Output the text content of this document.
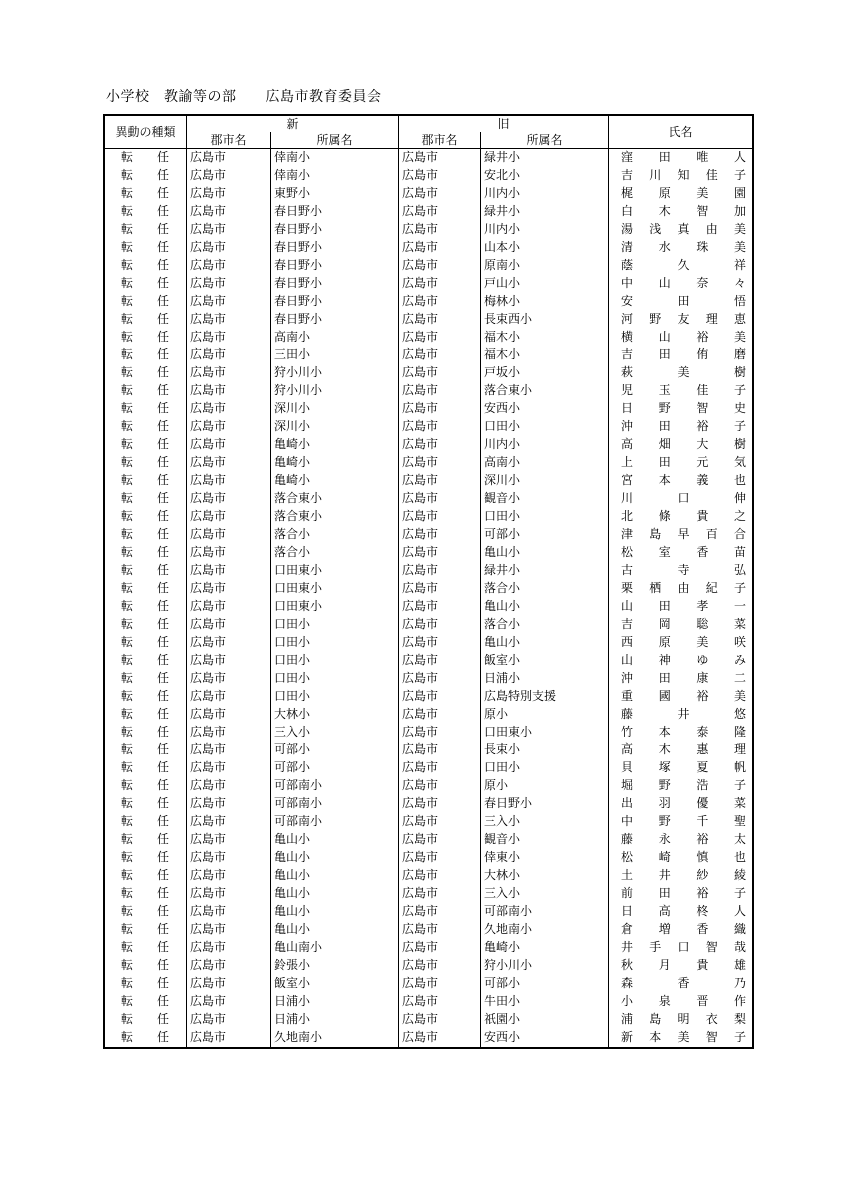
小学校　教諭等の部　　広島市教育委員会
異動の種類	新		旧		氏名
	郡市名	所属名	郡市名	所属名	
転 任	広島市	倖南小	広島市	緑井小	窪 田 唯 人

転 任	広島市	倖南小	広島市	安北小	吉 川 知 佳 子

転 任	広島市	東野小	広島市	川内小	梶 原 美 園

転 任	広島市	春日野小	広島市	緑井小	白 木 智 加

転 任	広島市	春日野小	広島市	川内小	湯 浅 真 由 美

転 任	広島市	春日野小	広島市	山本小	清 水 珠 美

転 任	広島市	春日野小	広島市	原南小	蔭 久 祥

転 任	広島市	春日野小	広島市	戸山小	中 山 奈 々

転 任	広島市	春日野小	広島市	梅林小	安 田 悟

転 任	広島市	春日野小	広島市	長束西小	河 野 友 理 恵

転 任	広島市	高南小	広島市	福木小	横 山 裕 美

転 任	広島市	三田小	広島市	福木小	吉 田 侑 磨

転 任	広島市	狩小川小	広島市	戸坂小	萩 美 樹

転 任	広島市	狩小川小	広島市	落合東小	児 玉 佳 子

転 任	広島市	深川小	広島市	安西小	日 野 智 史

転 任	広島市	深川小	広島市	口田小	沖 田 裕 子

転 任	広島市	亀崎小	広島市	川内小	高 畑 大 樹

転 任	広島市	亀崎小	広島市	高南小	上 田 元 気

転 任	広島市	亀崎小	広島市	深川小	宮 本 義 也

転 任	広島市	落合東小	広島市	観音小	川 口 伸

転 任	広島市	落合東小	広島市	口田小	北 條 貴 之

転 任	広島市	落合小	広島市	可部小	津 島 早 百 合

転 任	広島市	落合小	広島市	亀山小	松 室 香 苗

転 任	広島市	口田東小	広島市	緑井小	古 寺 弘

転 任	広島市	口田東小	広島市	落合小	栗 栖 由 紀 子

転 任	広島市	口田東小	広島市	亀山小	山 田 孝 一

転 任	広島市	口田小	広島市	落合小	吉 岡 聡 菜

転 任	広島市	口田小	広島市	亀山小	西 原 美 咲

転 任	広島市	口田小	広島市	飯室小	山 神 ゆ み

転 任	広島市	口田小	広島市	日浦小	沖 田 康 二

転 任	広島市	口田小	広島市	広島特別支援	重 國 裕 美

転 任	広島市	大林小	広島市	原小	藤 井 悠

転 任	広島市	三入小	広島市	口田東小	竹 本 泰 隆

転 任	広島市	可部小	広島市	長束小	高 木 惠 理

転 任	広島市	可部小	広島市	口田小	貝 塚 夏 帆

転 任	広島市	可部南小	広島市	原小	堀 野 浩 子

転 任	広島市	可部南小	広島市	春日野小	出 羽 優 菜

転 任	広島市	可部南小	広島市	三入小	中 野 千 聖

転 任	広島市	亀山小	広島市	観音小	藤 永 裕 太

転 任	広島市	亀山小	広島市	倖東小	松 崎 慎 也

転 任	広島市	亀山小	広島市	大林小	土 井 紗 綾

転 任	広島市	亀山小	広島市	三入小	前 田 裕 子

転 任	広島市	亀山小	広島市	可部南小	日 高 柊 人

転 任	広島市	亀山小	広島市	久地南小	倉 増 香 織

転 任	広島市	亀山南小	広島市	亀崎小	井 手 口 智 哉

転 任	広島市	鈴張小	広島市	狩小川小	秋 月 貴 雄

転 任	広島市	飯室小	広島市	可部小	森 香 乃

転 任	広島市	日浦小	広島市	牛田小	小 泉 晋 作

転 任	広島市	日浦小	広島市	祇園小	浦 島 明 衣 梨

転 任	広島市	久地南小	広島市	安西小	新 本 美 智 子
